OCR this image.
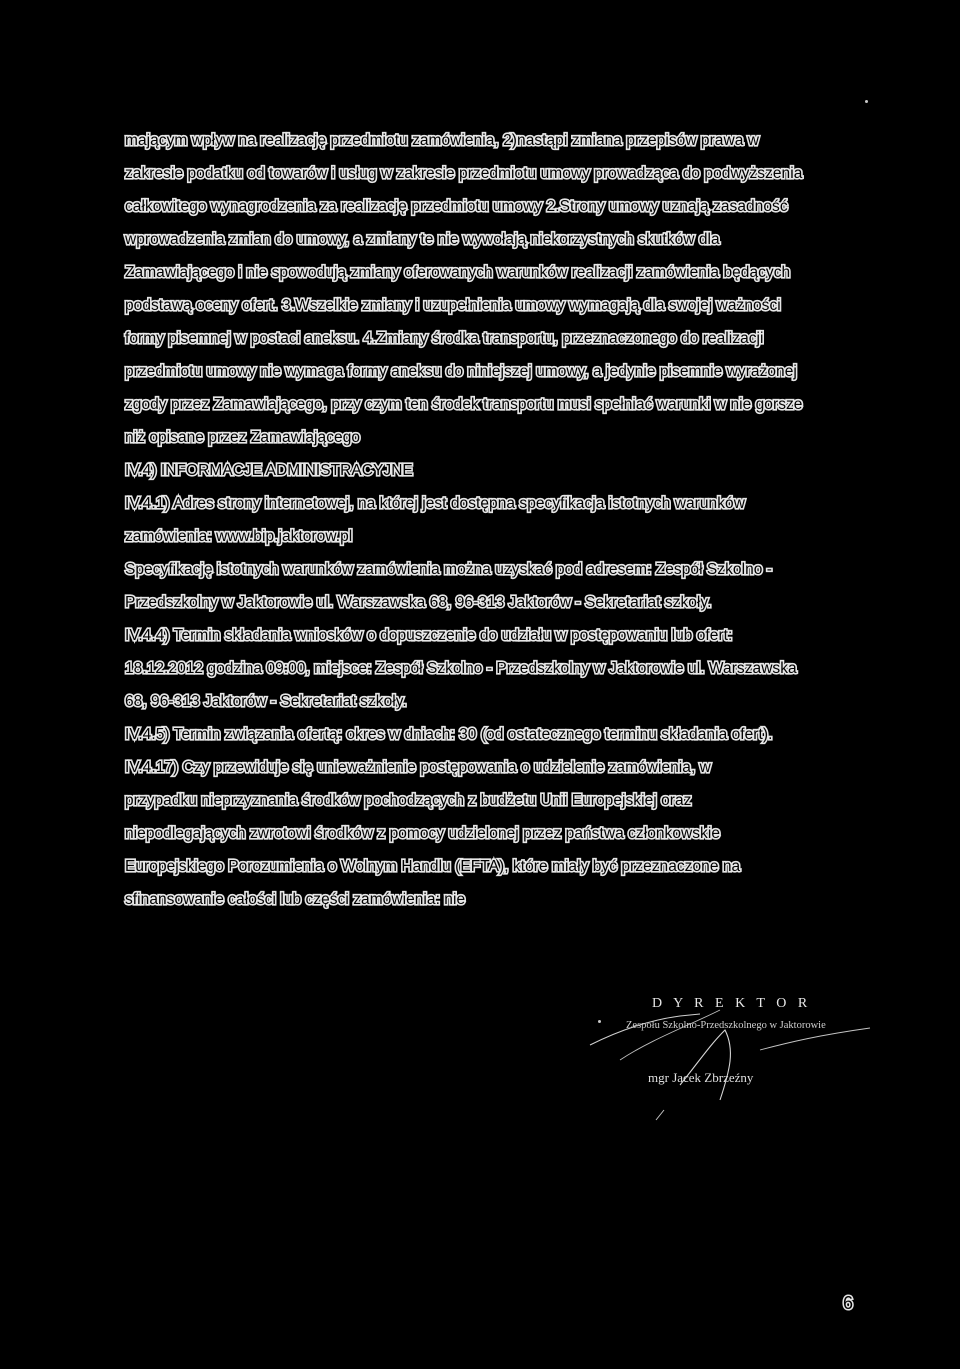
mającym wpływ na realizację przedmiotu zamówienia, 2)nastąpi zmiana przepisów prawa w
zakresie podatku od towarów i usług w zakresie przedmiotu umowy prowadząca do podwyższenia
całkowitego wynagrodzenia za realizację przedmiotu umowy 2.Strony umowy uznają zasadność
wprowadzenia zmian do umowy, a zmiany te nie wywołają niekorzystnych skutków dla
Zamawiającego i nie spowodują zmiany oferowanych warunków realizacji zamówienia będących
podstawą oceny ofert. 3.Wszelkie zmiany i uzupełnienia umowy wymagają dla swojej ważności
formy pisemnej w postaci aneksu. 4.Zmiany środka transportu, przeznaczonego do realizacji
przedmiotu umowy nie wymaga formy aneksu do niniejszej umowy, a jedynie pisemnie wyrażonej
zgody przez Zamawiającego, przy czym ten środek transportu musi spełniać warunki w nie gorsze
niż opisane przez Zamawiającego
IV.4) INFORMACJE ADMINISTRACYJNE
IV.4.1) Adres strony internetowej, na której jest dostępna specyfikacja istotnych warunków
zamówienia: www.bip.jaktorow.pl
Specyfikację istotnych warunków zamówienia można uzyskać pod adresem: Zespół Szkolno -
Przedszkolny w Jaktorowie ul. Warszawska 68, 96-313 Jaktorów - Sekretariat szkoły.
IV.4.4) Termin składania wniosków o dopuszczenie do udziału w postępowaniu lub ofert:
18.12.2012 godzina 09:00, miejsce: Zespół Szkolno - Przedszkolny w Jaktorowie ul. Warszawska
68, 96-313 Jaktorów - Sekretariat szkoły.
IV.4.5) Termin związania ofertą: okres w dniach: 30 (od ostatecznego terminu składania ofert).
IV.4.17) Czy przewiduje się unieważnienie postępowania o udzielenie zamówienia, w
przypadku nieprzyznania środków pochodzących z budżetu Unii Europejskiej oraz
niepodlegających zwrotowi środków z pomocy udzielonej przez państwa członkowskie
Europejskiego Porozumienia o Wolnym Handlu (EFTA), które miały być przeznaczone na
sfinansowanie całości lub części zamówienia: nie
D Y R E K T O R
Zespołu Szkolno-Przedszkolnego w Jaktorowie
mgr Jacek Zbrzeźny
6
